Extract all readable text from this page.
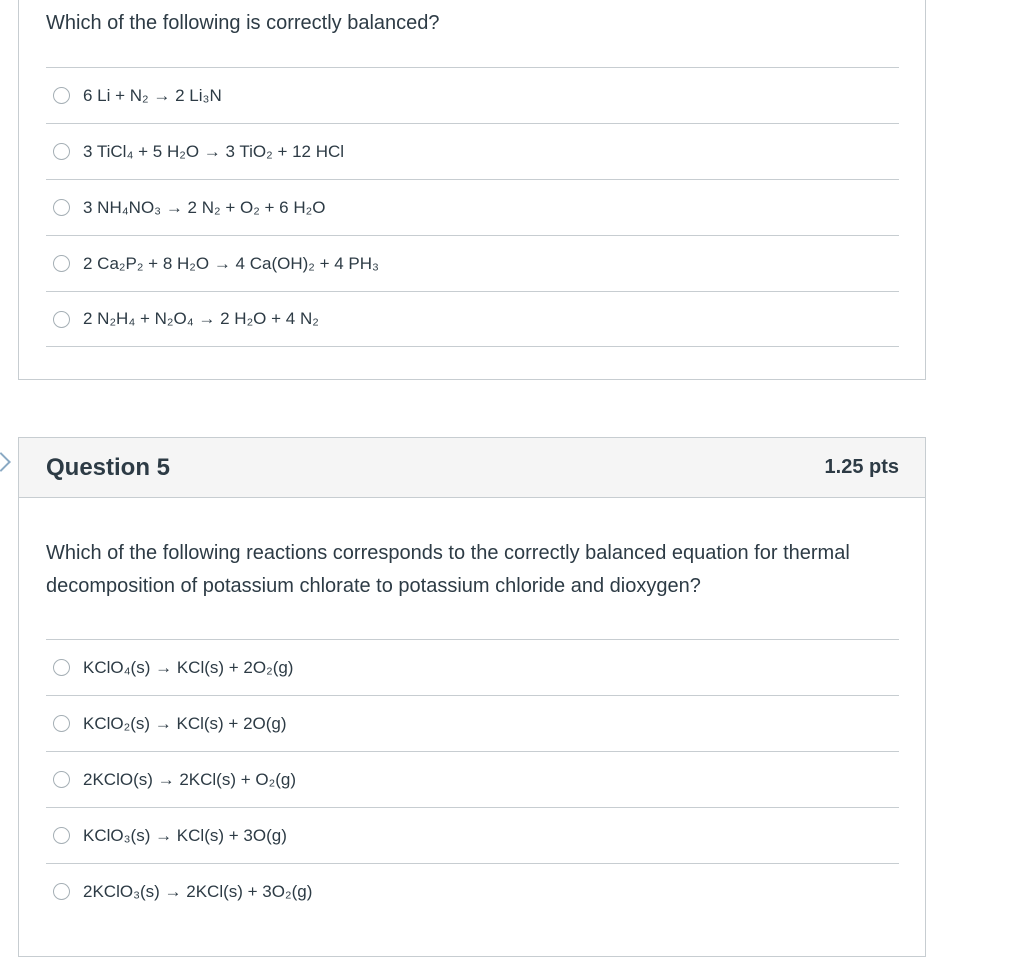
Which of the following is correctly balanced?
6 Li + N₂ → 2 Li₃N
3 TiCl₄ + 5 H₂O → 3 TiO₂ + 12 HCl
3 NH₄NO₃ → 2 N₂ + O₂ + 6 H₂O
2 Ca₂P₂ + 8 H₂O → 4 Ca(OH)₂ + 4 PH₃
2 N₂H₄ + N₂O₄ → 2 H₂O + 4 N₂
Question 5	1.25 pts
Which of the following reactions corresponds to the correctly balanced equation for thermal decomposition of potassium chlorate to potassium chloride and dioxygen?
KClO₄(s) → KCl(s) + 2O₂(g)
KClO₂(s) → KCl(s) + 2O(g)
2KClO(s) → 2KCl(s) + O₂(g)
KClO₃(s) → KCl(s) + 3O(g)
2KClO₃(s) → 2KCl(s) + 3O₂(g)
